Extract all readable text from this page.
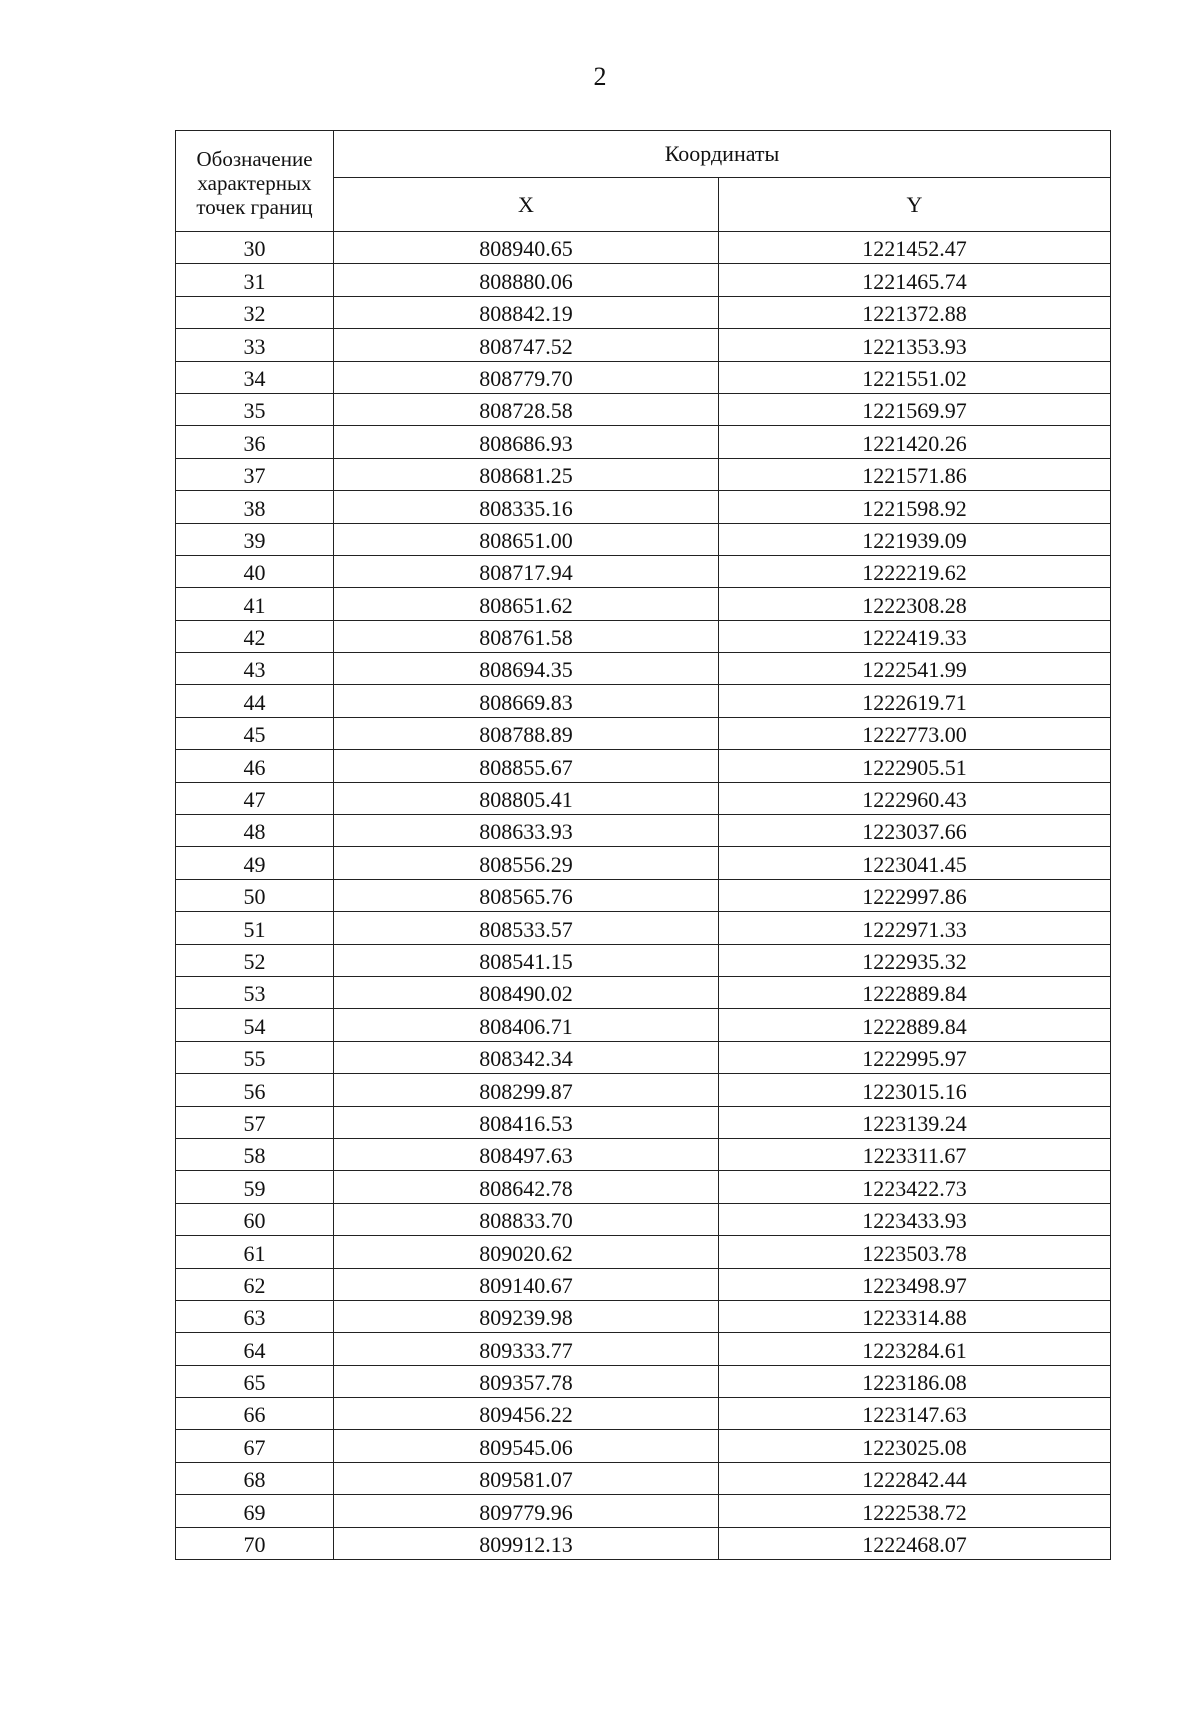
2
Обозначение характерных точек границ	Координаты	
	X	Y
30	808940.65	1221452.47
31	808880.06	1221465.74
32	808842.19	1221372.88
33	808747.52	1221353.93
34	808779.70	1221551.02
35	808728.58	1221569.97
36	808686.93	1221420.26
37	808681.25	1221571.86
38	808335.16	1221598.92
39	808651.00	1221939.09
40	808717.94	1222219.62
41	808651.62	1222308.28
42	808761.58	1222419.33
43	808694.35	1222541.99
44	808669.83	1222619.71
45	808788.89	1222773.00
46	808855.67	1222905.51
47	808805.41	1222960.43
48	808633.93	1223037.66
49	808556.29	1223041.45
50	808565.76	1222997.86
51	808533.57	1222971.33
52	808541.15	1222935.32
53	808490.02	1222889.84
54	808406.71	1222889.84
55	808342.34	1222995.97
56	808299.87	1223015.16
57	808416.53	1223139.24
58	808497.63	1223311.67
59	808642.78	1223422.73
60	808833.70	1223433.93
61	809020.62	1223503.78
62	809140.67	1223498.97
63	809239.98	1223314.88
64	809333.77	1223284.61
65	809357.78	1223186.08
66	809456.22	1223147.63
67	809545.06	1223025.08
68	809581.07	1222842.44
69	809779.96	1222538.72
70	809912.13	1222468.07
